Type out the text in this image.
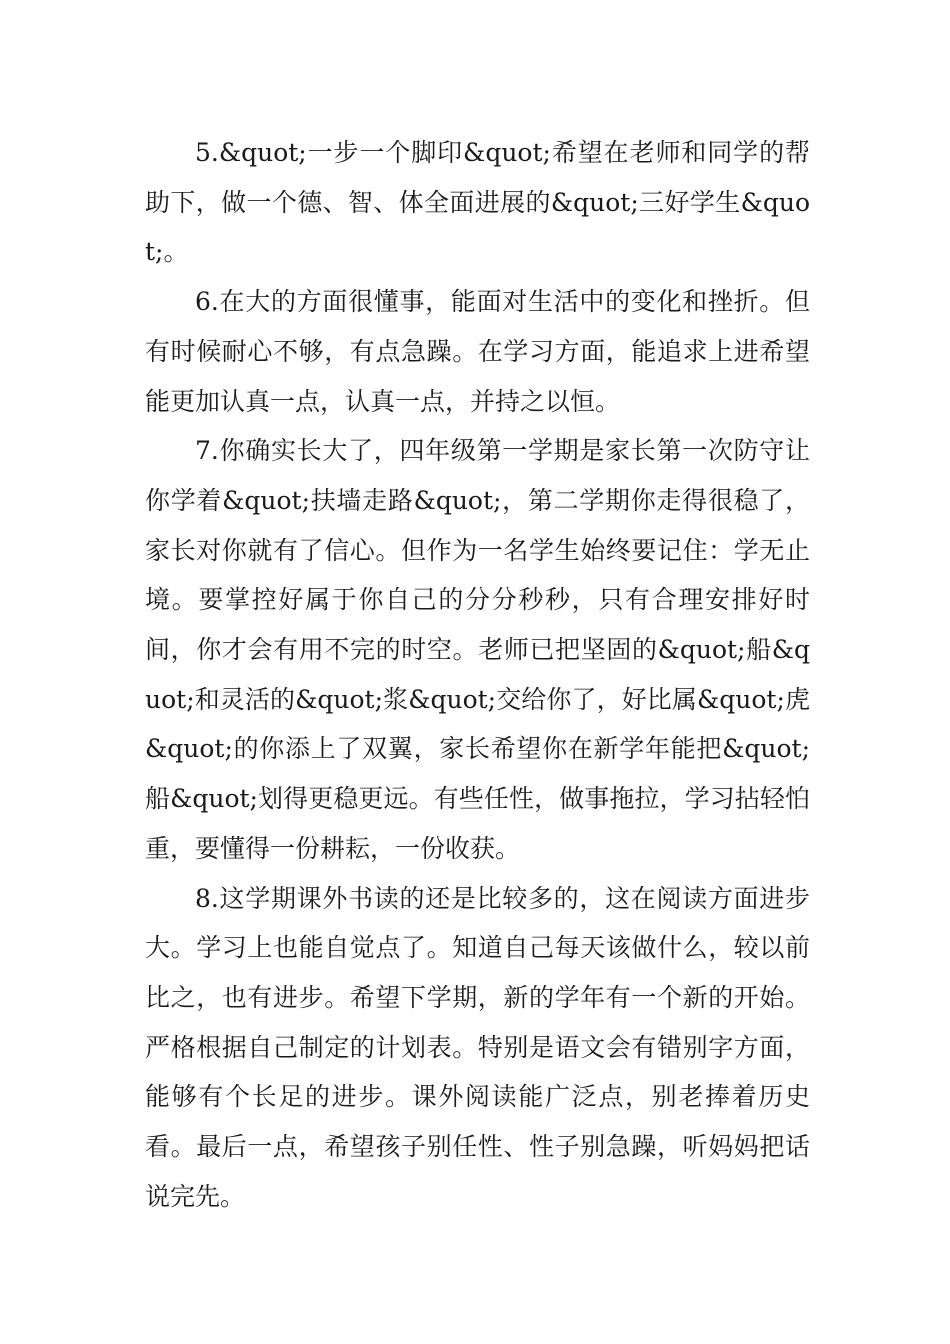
5.&quot;一步一个脚印&quot;希望在老师和同学的帮助下，做一个德、智、体全面进展的&quot;三好学生&quot;。

6.在大的方面很懂事，能面对生活中的变化和挫折。但有时候耐心不够，有点急躁。在学习方面，能追求上进希望能更加认真一点，认真一点，并持之以恒。

7.你确实长大了，四年级第一学期是家长第一次防守让你学着&quot;扶墙走路&quot;，第二学期你走得很稳了，家长对你就有了信心。但作为一名学生始终要记住：学无止境。要掌控好属于你自己的分分秒秒，只有合理安排好时间，你才会有用不完的时空。老师已把坚固的&quot;船&quot;和灵活的&quot;浆&quot;交给你了，好比属&quot;虎&quot;的你添上了双翼，家长希望你在新学年能把&quot;船&quot;划得更稳更远。有些任性，做事拖拉，学习拈轻怕重，要懂得一份耕耘，一份收获。

8.这学期课外书读的还是比较多的，这在阅读方面进步大。学习上也能自觉点了。知道自己每天该做什么，较以前比之，也有进步。希望下学期，新的学年有一个新的开始。严格根据自己制定的计划表。特别是语文会有错别字方面，能够有个长足的进步。课外阅读能广泛点，别老捧着历史看。最后一点，希望孩子别任性、性子别急躁，听妈妈把话说完先。
